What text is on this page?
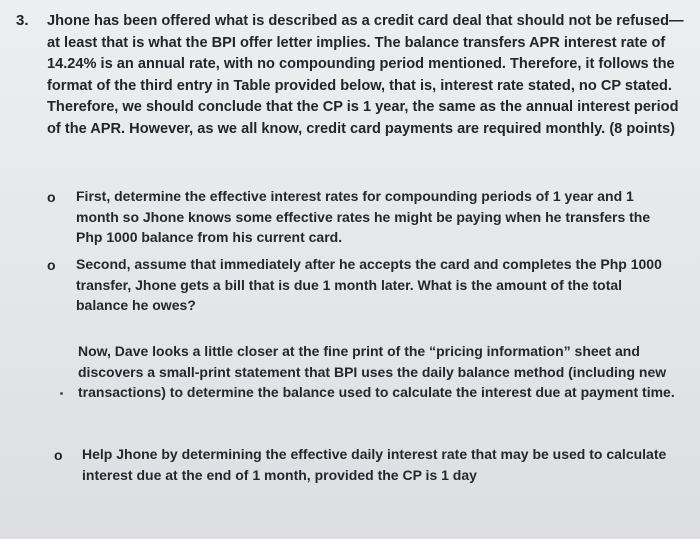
3. Jhone has been offered what is described as a credit card deal that should not be refused—at least that is what the BPI offer letter implies. The balance transfers APR interest rate of 14.24% is an annual rate, with no compounding period mentioned. Therefore, it follows the format of the third entry in Table provided below, that is, interest rate stated, no CP stated. Therefore, we should conclude that the CP is 1 year, the same as the annual interest period of the APR. However, as we all know, credit card payments are required monthly. (8 points)
o First, determine the effective interest rates for compounding periods of 1 year and 1 month so Jhone knows some effective rates he might be paying when he transfers the Php 1000 balance from his current card.
o Second, assume that immediately after he accepts the card and completes the Php 1000 transfer, Jhone gets a bill that is due 1 month later. What is the amount of the total balance he owes?
Now, Dave looks a little closer at the fine print of the “pricing information” sheet and discovers a small-print statement that BPI uses the daily balance method (including new transactions) to determine the balance used to calculate the interest due at payment time.
o Help Jhone by determining the effective daily interest rate that may be used to calculate interest due at the end of 1 month, provided the CP is 1 day
